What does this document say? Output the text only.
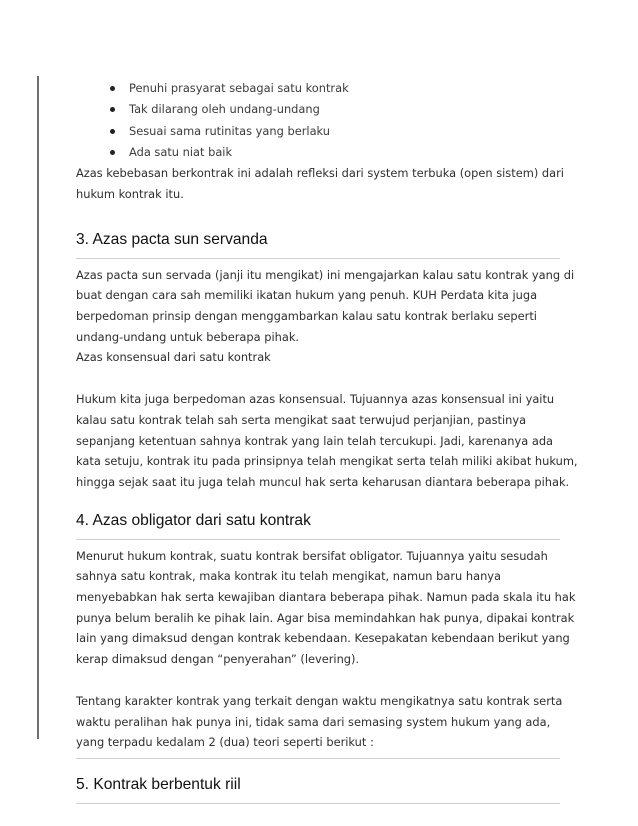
Penuhi prasyarat sebagai satu kontrak
Tak dilarang oleh undang-undang
Sesuai sama rutinitas yang berlaku
Ada satu niat baik

Azas kebebasan berkontrak ini adalah refleksi dari system terbuka (open sistem) dari
hukum kontrak itu.

3. Azas pacta sun servanda

Azas pacta sun servada (janji itu mengikat) ini mengajarkan kalau satu kontrak yang di
buat dengan cara sah memiliki ikatan hukum yang penuh. KUH Perdata kita juga
berpedoman prinsip dengan menggambarkan kalau satu kontrak berlaku seperti
undang-undang untuk beberapa pihak.
Azas konsensual dari satu kontrak

Hukum kita juga berpedoman azas konsensual. Tujuannya azas konsensual ini yaitu
kalau satu kontrak telah sah serta mengikat saat terwujud perjanjian, pastinya
sepanjang ketentuan sahnya kontrak yang lain telah tercukupi. Jadi, karenanya ada
kata setuju, kontrak itu pada prinsipnya telah mengikat serta telah miliki akibat hukum,
hingga sejak saat itu juga telah muncul hak serta keharusan diantara beberapa pihak.

4. Azas obligator dari satu kontrak

Menurut hukum kontrak, suatu kontrak bersifat obligator. Tujuannya yaitu sesudah
sahnya satu kontrak, maka kontrak itu telah mengikat, namun baru hanya
menyebabkan hak serta kewajiban diantara beberapa pihak. Namun pada skala itu hak
punya belum beralih ke pihak lain. Agar bisa memindahkan hak punya, dipakai kontrak
lain yang dimaksud dengan kontrak kebendaan. Kesepakatan kebendaan berikut yang
kerap dimaksud dengan “penyerahan” (levering).

Tentang karakter kontrak yang terkait dengan waktu mengikatnya satu kontrak serta
waktu peralihan hak punya ini, tidak sama dari semasing system hukum yang ada,
yang terpadu kedalam 2 (dua) teori seperti berikut :

5. Kontrak berbentuk riil
